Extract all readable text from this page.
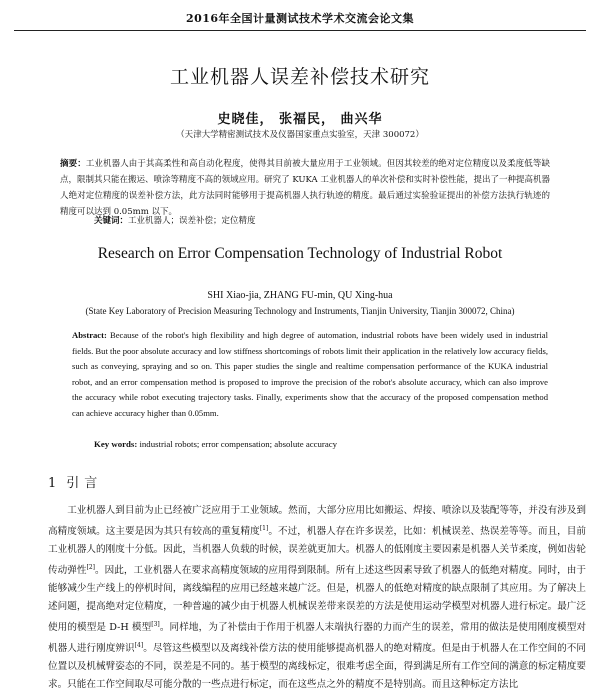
2016年全国计量测试技术学术交流会论文集
工业机器人误差补偿技术研究
史晓佳， 张福民， 曲兴华
（天津大学精密测试技术及仪器国家重点实验室，天津 300072）
摘要：工业机器人由于其高柔性和高自动化程度，使得其目前被大量应用于工业领域。但因其较差的绝对定位精度以及柔度低等缺点，限制其只能在搬运、喷涂等精度不高的领域应用。研究了 KUKA 工业机器人的单次补偿和实时补偿性能，提出了一种提高机器人绝对定位精度的误差补偿方法，此方法同时能够用于提高机器人执行轨迹的精度。最后通过实验验证提出的补偿方法执行轨迹的精度可以达到 0.05mm 以下。
关键词：工业机器人；误差补偿；定位精度
Research on Error Compensation Technology of Industrial Robot
SHI Xiao-jia, ZHANG FU-min, QU Xing-hua
(State Key Laboratory of Precision Measuring Technology and Instruments, Tianjin University, Tianjin 300072, China)
Abstract: Because of the robot's high flexibility and high degree of automation, industrial robots have been widely used in industrial fields. But the poor absolute accuracy and low stiffness shortcomings of robots limit their application in the relatively low accuracy fields, such as conveying, spraying and so on. This paper studies the single and realtime compensation performance of the KUKA industrial robot, and an error compensation method is proposed to improve the precision of the robot's absolute accuracy, which can also improve the accuracy while robot executing trajectory tasks. Finally, experiments show that the accuracy of the proposed compensation method can achieve accuracy higher than 0.05mm.
Key words: industrial robots; error compensation; absolute accuracy
1 引言
工业机器人到目前为止已经被广泛应用于工业领域。然而，大部分应用比如搬运、焊接、喷涂以及装配等等，并没有涉及到高精度领域。这主要是因为其只有较高的重复精度[1]。不过，机器人存在许多误差，比如：机械误差、热误差等等。而且，目前工业机器人的刚度十分低。因此，当机器人负载的时候，误差就更加大。机器人的低刚度主要因素是机器人关节柔度，例如齿轮传动弹性[2]。因此，工业机器人在要求高精度领域的应用得到限制。所有上述这些因素导致了机器人的低绝对精度。同时，由于能够减少生产线上的停机时间，离线编程的应用已经越来越广泛。但是，机器人的低绝对精度的缺点限制了其应用。为了解决上述问题，提高绝对定位精度，一种普遍的减少由于机器人机械误差带来误差的方法是使用运动学模型对机器人进行标定。最广泛使用的模型是 D-H 模型[3]。同样地，为了补偿由于作用于机器人末端执行器的力而产生的误差，常用的做法是使用刚度模型对机器人进行刚度辨识[4]。尽管这些模型以及离线补偿方法的使用能够提高机器人的绝对精度。但是由于机器人在工作空间的不同位置以及机械臂姿态的不同，误差是不同的。基于模型的离线标定，很难考虑全面，得到满足所有工作空间的满意的标定精度要求。只能在工作空间取尽可能分散的一些点进行标定，而在这些点之外的精度不是特别高。而且这种标定方法比
